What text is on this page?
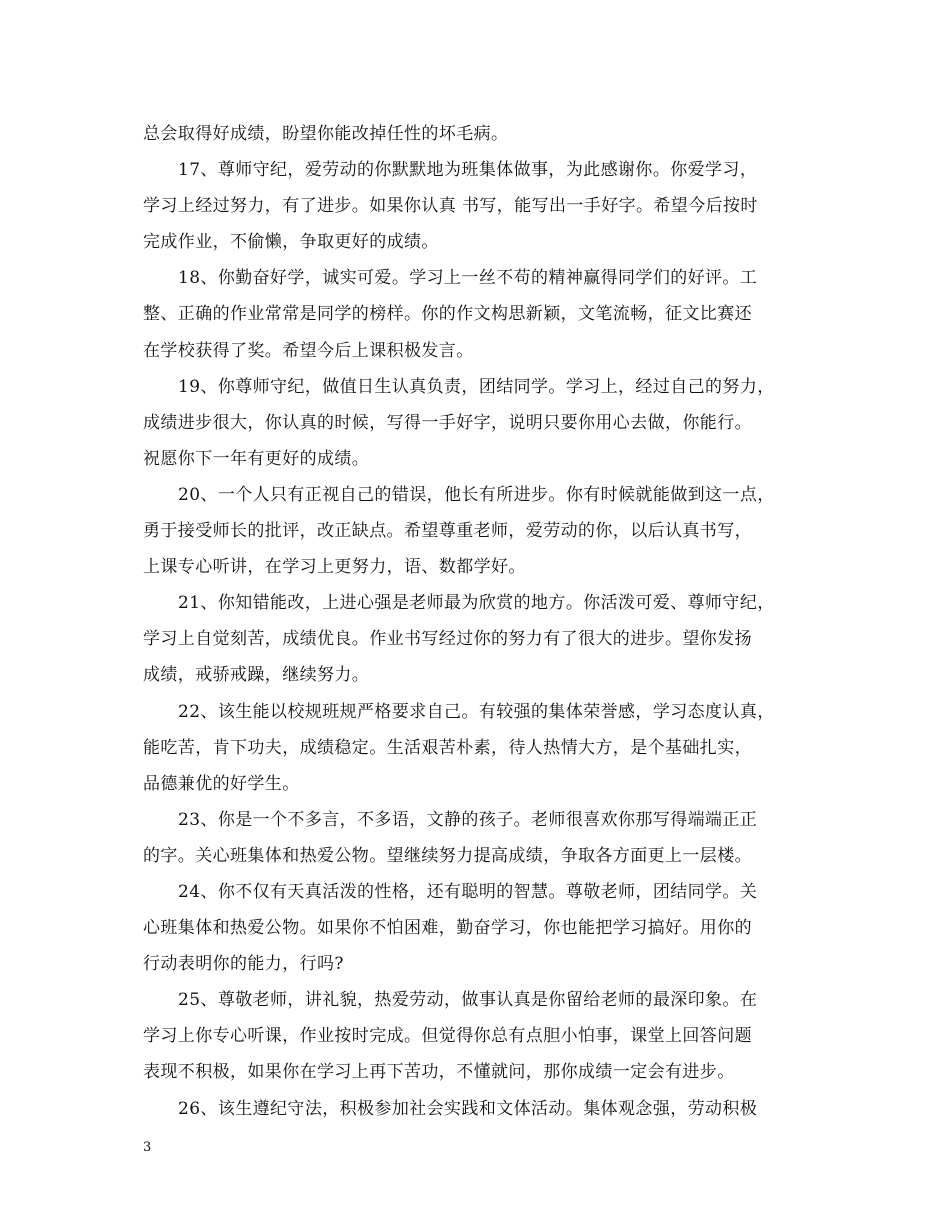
总会取得好成绩，盼望你能改掉任性的坏毛病。
17、尊师守纪，爱劳动的你默默地为班集体做事，为此感谢你。你爱学习，
学习上经过努力，有了进步。如果你认真 书写，能写出一手好字。希望今后按时
完成作业，不偷懒，争取更好的成绩。
18、你勤奋好学，诚实可爱。学习上一丝不苟的精神赢得同学们的好评。工
整、正确的作业常常是同学的榜样。你的作文构思新颖，文笔流畅，征文比赛还
在学校获得了奖。希望今后上课积极发言。
19、你尊师守纪，做值日生认真负责，团结同学。学习上，经过自己的努力，
成绩进步很大，你认真的时候，写得一手好字，说明只要你用心去做，你能行。
祝愿你下一年有更好的成绩。
20、一个人只有正视自己的错误，他长有所进步。你有时候就能做到这一点，
勇于接受师长的批评，改正缺点。希望尊重老师，爱劳动的你，以后认真书写，
上课专心听讲，在学习上更努力，语、数都学好。
21、你知错能改，上进心强是老师最为欣赏的地方。你活泼可爱、尊师守纪，
学习上自觉刻苦，成绩优良。作业书写经过你的努力有了很大的进步。望你发扬
成绩，戒骄戒躁，继续努力。
22、该生能以校规班规严格要求自己。有较强的集体荣誉感，学习态度认真，
能吃苦，肯下功夫，成绩稳定。生活艰苦朴素，待人热情大方，是个基础扎实，
品德兼优的好学生。
23、你是一个不多言，不多语，文静的孩子。老师很喜欢你那写得端端正正
的字。关心班集体和热爱公物。望继续努力提高成绩，争取各方面更上一层楼。
24、你不仅有天真活泼的性格，还有聪明的智慧。尊敬老师，团结同学。关
心班集体和热爱公物。如果你不怕困难，勤奋学习，你也能把学习搞好。用你的
行动表明你的能力，行吗?
25、尊敬老师，讲礼貌，热爱劳动，做事认真是你留给老师的最深印象。在
学习上你专心听课，作业按时完成。但觉得你总有点胆小怕事，课堂上回答问题
表现不积极，如果你在学习上再下苦功，不懂就问，那你成绩一定会有进步。
26、该生遵纪守法，积极参加社会实践和文体活动。集体观念强，劳动积极
3
